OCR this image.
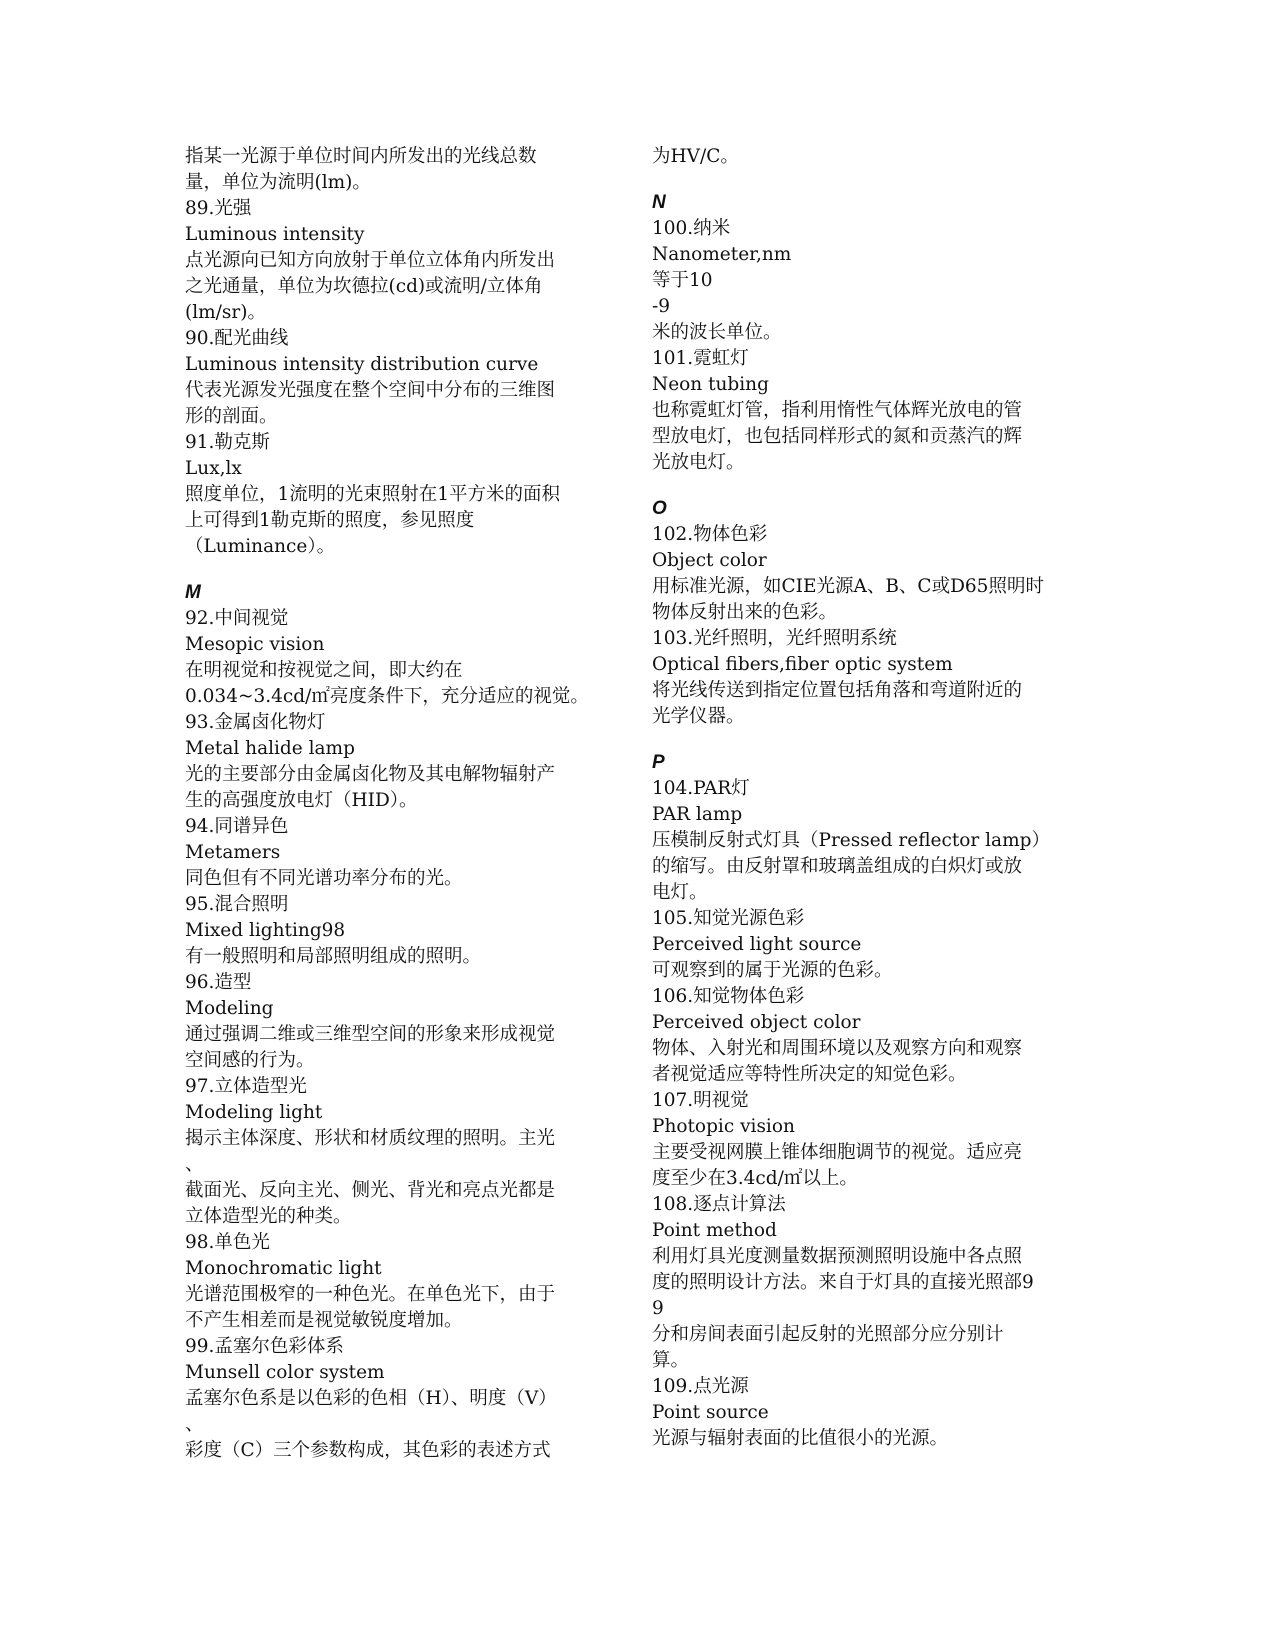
指某一光源于单位时间内所发出的光线总数
量，单位为流明(lm)。
89.光强
Luminous intensity
点光源向已知方向放射于单位立体角内所发出
之光通量，单位为坎德拉(cd)或流明/立体角
(lm/sr)。
90.配光曲线
Luminous intensity distribution curve
代表光源发光强度在整个空间中分布的三维图
形的剖面。
91.勒克斯
Lux,lx
照度单位，1流明的光束照射在1平方米的面积
上可得到1勒克斯的照度，参见照度
（Luminance）。
M
92.中间视觉
Mesopic vision
在明视觉和按视觉之间，即大约在
0.034~3.4cd/㎡亮度条件下，充分适应的视觉。
93.金属卤化物灯
Metal halide lamp
光的主要部分由金属卤化物及其电解物辐射产
生的高强度放电灯（HID）。
94.同谱异色
Metamers
同色但有不同光谱功率分布的光。
95.混合照明
Mixed lighting98
有一般照明和局部照明组成的照明。
96.造型
Modeling
通过强调二维或三维型空间的形象来形成视觉
空间感的行为。
97.立体造型光
Modeling light
揭示主体深度、形状和材质纹理的照明。主光
、
截面光、反向主光、侧光、背光和亮点光都是
立体造型光的种类。
98.单色光
Monochromatic light
光谱范围极窄的一种色光。在单色光下，由于
不产生相差而是视觉敏锐度增加。
99.孟塞尔色彩体系
Munsell color system
孟塞尔色系是以色彩的色相（H）、明度（V）
、
彩度（C）三个参数构成，其色彩的表述方式
为HV/C。
N
100.纳米
Nanometer,nm
等于10
-9
米的波长单位。
101.霓虹灯
Neon tubing
也称霓虹灯管，指利用惰性气体辉光放电的管
型放电灯，也包括同样形式的氮和贡蒸汽的辉
光放电灯。
O
102.物体色彩
Object color
用标准光源，如CIE光源A、B、C或D65照明时
物体反射出来的色彩。
103.光纤照明，光纤照明系统
Optical fibers,fiber optic system
将光线传送到指定位置包括角落和弯道附近的
光学仪器。
P
104.PAR灯
PAR lamp
压模制反射式灯具（Pressed reflector lamp）
的缩写。由反射罩和玻璃盖组成的白炽灯或放
电灯。
105.知觉光源色彩
Perceived light source
可观察到的属于光源的色彩。
106.知觉物体色彩
Perceived object color
物体、入射光和周围环境以及观察方向和观察
者视觉适应等特性所决定的知觉色彩。
107.明视觉
Photopic vision
主要受视网膜上锥体细胞调节的视觉。适应亮
度至少在3.4cd/㎡以上。
108.逐点计算法
Point method
利用灯具光度测量数据预测照明设施中各点照
度的照明设计方法。来自于灯具的直接光照部9
9
分和房间表面引起反射的光照部分应分别计
算。
109.点光源
Point source
光源与辐射表面的比值很小的光源。
